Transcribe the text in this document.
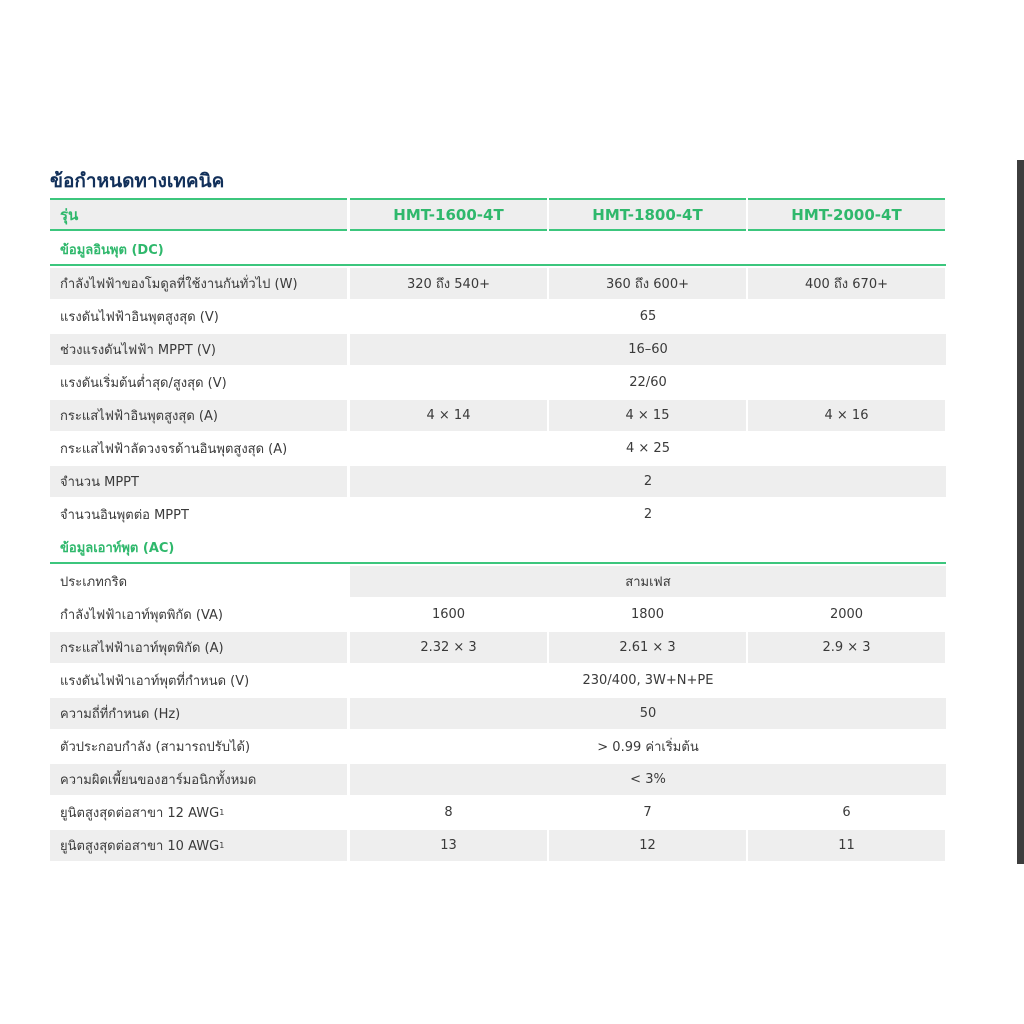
ข้อกำหนดทางเทคนิค
รุ่น	HMT-1600-4T	HMT-1800-4T	HMT-2000-4T
ข้อมูลอินพุต (DC)
กำลังไฟฟ้าของโมดูลที่ใช้งานกันทั่วไป (W)	320 ถึง 540+	360 ถึง 600+	400 ถึง 670+
แรงดันไฟฟ้าอินพุตสูงสุด (V)	65
ช่วงแรงดันไฟฟ้า MPPT (V)	16–60
แรงดันเริ่มต้นต่ำสุด/สูงสุด (V)	22/60
กระแสไฟฟ้าอินพุตสูงสุด (A)	4 × 14	4 × 15	4 × 16
กระแสไฟฟ้าลัดวงจรด้านอินพุตสูงสุด (A)	4 × 25
จำนวน MPPT	2
จำนวนอินพุตต่อ MPPT	2
ข้อมูลเอาท์พุต (AC)
ประเภทกริด	สามเฟส
กำลังไฟฟ้าเอาท์พุตพิกัด (VA)	1600	1800	2000
กระแสไฟฟ้าเอาท์พุตพิกัด (A)	2.32 × 3	2.61 × 3	2.9 × 3
แรงดันไฟฟ้าเอาท์พุตที่กำหนด (V)	230/400, 3W+N+PE
ความถี่ที่กำหนด (Hz)	50
ตัวประกอบกำลัง (สามารถปรับได้)	> 0.99 ค่าเริ่มต้น
ความผิดเพี้ยนของฮาร์มอนิกทั้งหมด	< 3%
ยูนิตสูงสุดต่อสาขา 12 AWG 1	8	7	6
ยูนิตสูงสุดต่อสาขา 10 AWG 1	13	12	11
